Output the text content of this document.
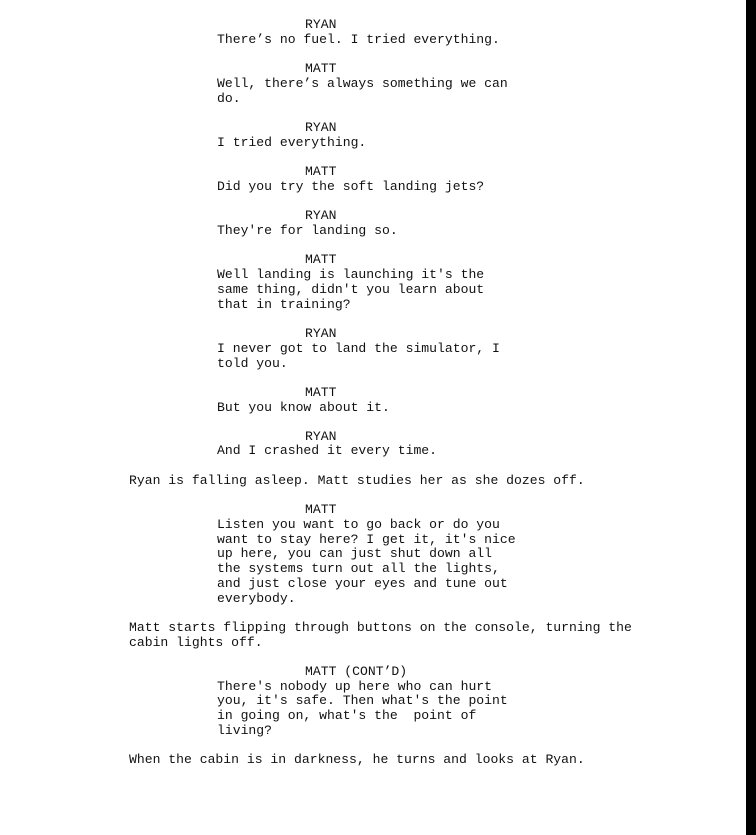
RYAN

There’s no fuel. I tried everything.

MATT

Well, there’s always something we can

do.

RYAN

I tried everything.

MATT

Did you try the soft landing jets?

RYAN

They're for landing so.

MATT

Well landing is launching it's the

same thing, didn't you learn about

that in training?

RYAN

I never got to land the simulator, I

told you.

MATT

But you know about it.

RYAN

And I crashed it every time.

Ryan is falling asleep. Matt studies her as she dozes off.

MATT

Listen you want to go back or do you

want to stay here? I get it, it's nice

up here, you can just shut down all

the systems turn out all the lights,

and just close your eyes and tune out

everybody.

Matt starts flipping through buttons on the console, turning the

cabin lights off.

MATT (CONT’D)

There's nobody up here who can hurt

you, it's safe. Then what's the point

in going on, what's the  point of

living?

When the cabin is in darkness, he turns and looks at Ryan.
